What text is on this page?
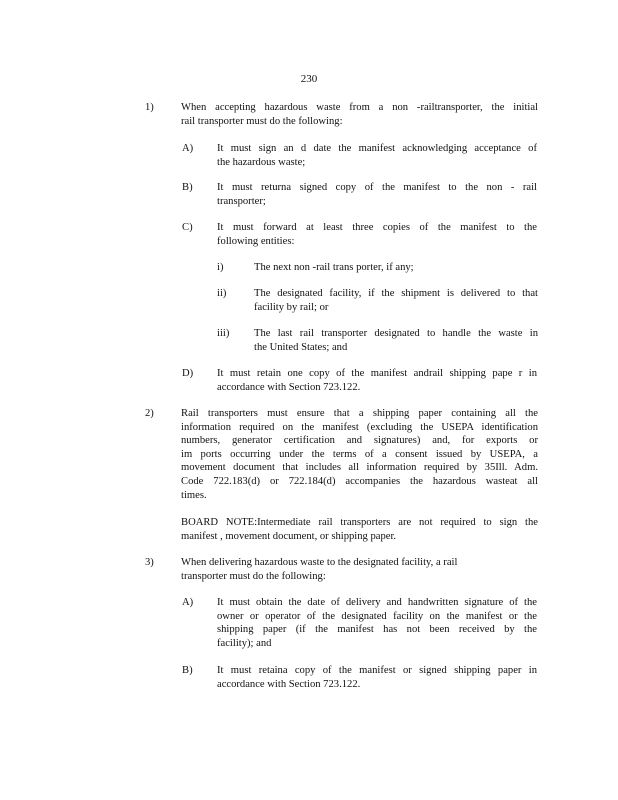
230
1)	When accepting hazardous waste from a non -railtransporter, the initial
rail transporter must do the following:
A) It must sign an d date the manifest acknowledging acceptance of
the hazardous waste;
B) It must returna signed copy of the manifest to the non - rail
transporter;
C) It must forward at least three copies of the manifest to the
following entities:
i)	The next non -rail trans porter, if any;
ii)	The designated facility, if the shipment is delivered to that
facility by rail; or
iii) The last rail transporter designated to handle the waste in
the United States; and
D) It must retain one copy of the manifest andrail shipping pape r in
accordance with Section 723.122.
2)	Rail transporters must ensure that a shipping paper containing all the
information required on the manifest (excluding the USEPA identification
numbers, generator certification and signatures) and, for exports or
im ports occurring under the terms of a consent issued by USEPA, a
movement document that includes all information required by 35Ill. Adm.
Code 722.183(d) or 722.184(d) accompanies the hazardous wasteat all
times.
BOARD NOTE:Intermediate rail transporters are not required to sign the
manifest , movement document, or shipping paper.
3)	When delivering hazardous waste to the designated facility, a rail
transporter must do the following:
A) It must obtain the date of delivery and handwritten signature of the
owner or operator of the designated facility on the manifest or the
shipping paper (if the manifest has not been received by the
facility); and
B) It must retaina copy of the manifest or signed shipping paper in
accordance with Section 723.122.
